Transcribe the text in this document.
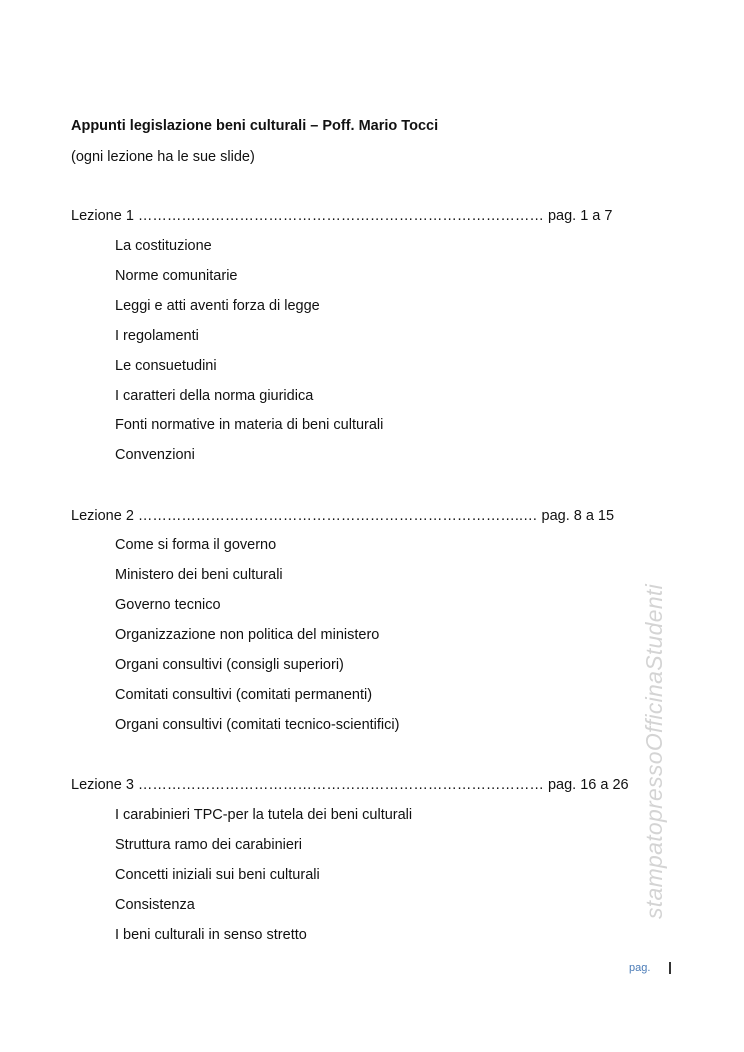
Appunti legislazione beni culturali – Poff. Mario Tocci
(ogni lezione ha le sue slide)
Lezione 1 ………………………………………………………………………… pag. 1 a 7
La costituzione
Norme comunitarie
Leggi e atti aventi forza di legge
I regolamenti
Le consuetudini
I caratteri della norma giuridica
Fonti normative in materia di beni culturali
Convenzioni
Lezione 2 ……………………………………………………………………..… pag. 8 a 15
Come si forma il governo
Ministero dei beni culturali
Governo tecnico
Organizzazione non politica del ministero
Organi consultivi (consigli superiori)
Comitati consultivi (comitati permanenti)
Organi consultivi (comitati tecnico-scientifici)
Lezione 3 ………………………………………………………………………… pag. 16 a 26
I carabinieri TPC-per la tutela dei beni culturali
Struttura ramo dei carabinieri
Concetti iniziali sui beni culturali
Consistenza
I beni culturali in senso stretto
stampatopressoOfficinaStudenti
pag.
